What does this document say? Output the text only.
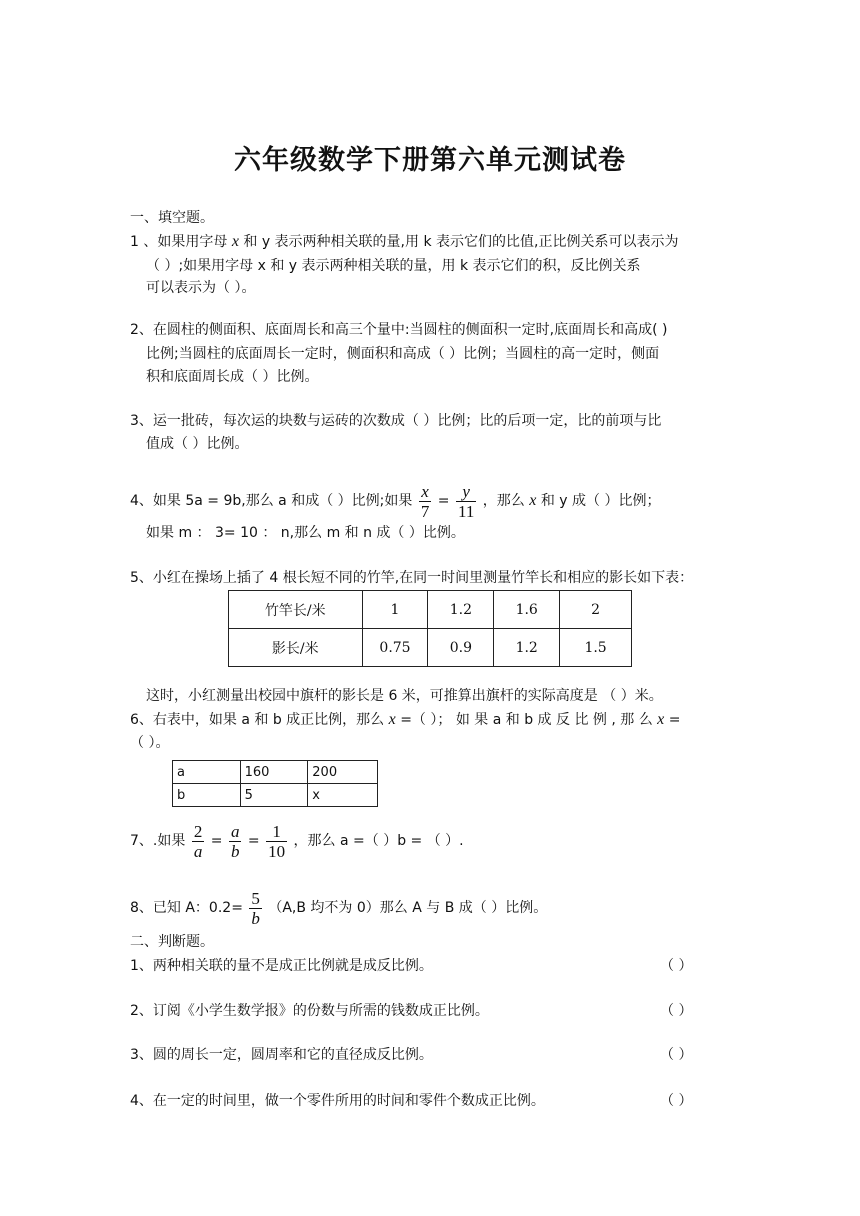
六年级数学下册第六单元测试卷
一、填空题。
1 、如果用字母 x 和 y 表示两种相关联的量,用 k 表示它们的比值,正比例关系可以表示为
（ ）;如果用字母 x 和 y 表示两种相关联的量，用 k 表示它们的积，反比例关系
可以表示为（ ）。
2、在圆柱的侧面积、底面周长和高三个量中:当圆柱的侧面积一定时,底面周长和高成( )
比例;当圆柱的底面周长一定时，侧面积和高成（ ）比例；当圆柱的高一定时，侧面
积和底面周长成（ ）比例。
3、运一批砖，每次运的块数与运砖的次数成（ ）比例；比的后项一定，比的前项与比
值成（ ）比例。
4、如果 5a = 9b,那么 a 和成（ ）比例;如果 $\frac{x}{7} = \frac{y}{11}$ ，那么 x 和 y 成（ ）比例；
如果 m ： 3= 10 ： n,那么 m 和 n 成（ ）比例。
5、小红在操场上插了 4 根长短不同的竹竿,在同一时间里测量竹竿长和相应的影长如下表：
竹竿长/米	1	1.2	1.6	2
影长/米	0.75	0.9	1.2	1.5
这时，小红测量出校园中旗杆的影长是 6 米，可推算出旗杆的实际高度是 （ ）米。
6、右表中，如果 a 和 b 成正比例，那么 x =（ ）； 如 果 a 和 b 成 反 比 例 , 那 么 x =
（ ）。
a	160	200
b	5	x
7、.如果 $\frac{2}{a} = \frac{a}{b} = \frac{1}{10}$ ，那么 a =（ ）b = （ ）.
8、已知 A：$0.2= \frac{5}{b} (A,B$ 均不为 0）那么 A 与 B 成（ ）比例。
二、判断题。
1、两种相关联的量不是成正比例就是成反比例。	（ ）
2、订阅《小学生数学报》的份数与所需的钱数成正比例。	（ ）
3、圆的周长一定，圆周率和它的直径成反比例。	（ ）
4、在一定的时间里，做一个零件所用的时间和零件个数成正比例。	（ ）
